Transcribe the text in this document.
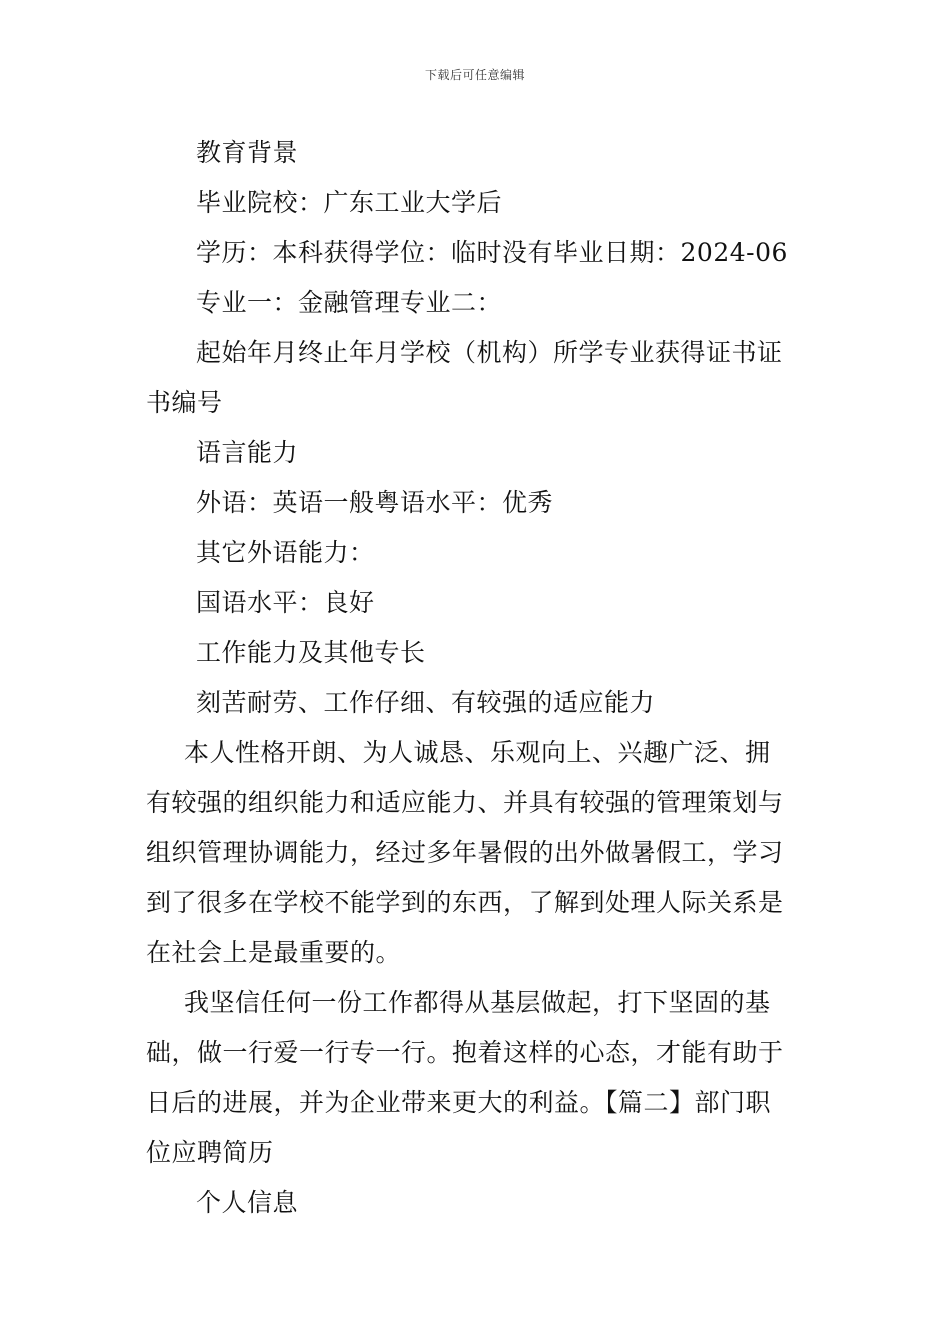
下载后可任意编辑
教育背景
毕业院校：广东工业大学后
学历：本科获得学位：临时没有毕业日期：2024-06
专业一：金融管理专业二：
起始年月终止年月学校（机构）所学专业获得证书证
书编号
语言能力
外语：英语一般粤语水平：优秀
其它外语能力：
国语水平：良好
工作能力及其他专长
刻苦耐劳、工作仔细、有较强的适应能力
本人性格开朗、为人诚恳、乐观向上、兴趣广泛、拥
有较强的组织能力和适应能力、并具有较强的管理策划与
组织管理协调能力，经过多年暑假的出外做暑假工，学习
到了很多在学校不能学到的东西，了解到处理人际关系是
在社会上是最重要的。
我坚信任何一份工作都得从基层做起，打下坚固的基
础，做一行爱一行专一行。抱着这样的心态，才能有助于
日后的进展，并为企业带来更大的利益。【篇二】部门职
位应聘简历
个人信息
